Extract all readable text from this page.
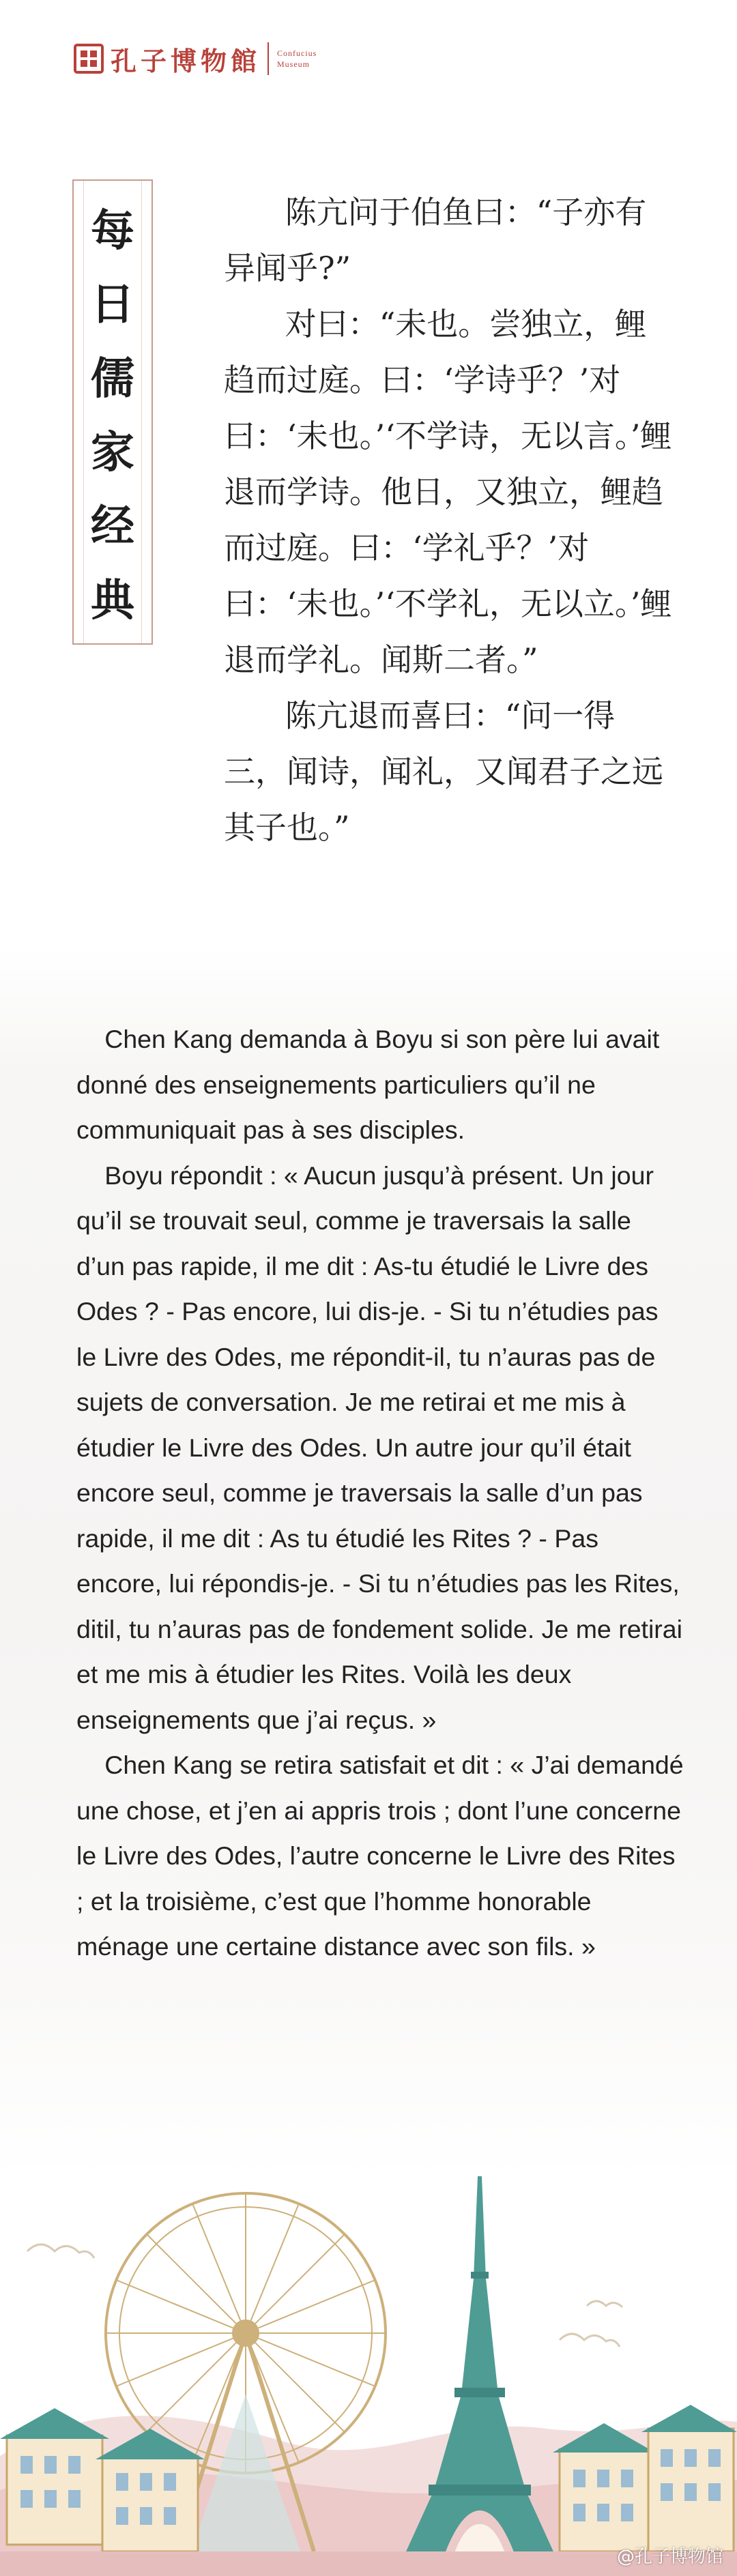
孔子博物館 Confucius
Museum
每
日
儒
家
经
典

陈亢问于伯鱼曰：“子亦有异闻乎?”

对曰：“未也。尝独立，鲤趋而过庭。曰：‘学诗乎？’对曰：‘未也。’‘不学诗，无以言。’鲤退而学诗。他日，又独立，鲤趋而过庭。曰：‘学礼乎？’对曰：‘未也。’‘不学礼，无以立。’鲤退而学礼。闻斯二者。”

陈亢退而喜曰：“问一得三，闻诗，闻礼，又闻君子之远其子也。”

Chen Kang demanda à Boyu si son père lui avait donné des enseignements particuliers qu’il ne communiquait pas à ses disciples.

Boyu répondit : « Aucun jusqu’à présent. Un jour qu’il se trouvait seul, comme je traversais la salle d’un pas rapide, il me dit : As-tu étudié le Livre des Odes ? - Pas encore, lui dis-je. - Si tu n’étudies pas le Livre des Odes, me répondit-il, tu n’auras pas de sujets de conversation. Je me retirai et me mis à étudier le Livre des Odes. Un autre jour qu’il était encore seul, comme je traversais la salle d’un pas rapide, il me dit : As tu étudié les Rites ? - Pas encore, lui répondis-je. - Si tu n’étudies pas les Rites, ditil, tu n’auras pas de fondement solide. Je me retirai et me mis à étudier les Rites. Voilà les deux enseignements que j’ai reçus. »

Chen Kang se retira satisfait et dit : « J’ai demandé une chose, et j’en ai appris trois ; dont l’une concerne le Livre des Odes, l’autre concerne le Livre des Rites ; et la troisième, c’est que l’homme honorable ménage une certaine distance avec son fils. »

@孔子博物馆
